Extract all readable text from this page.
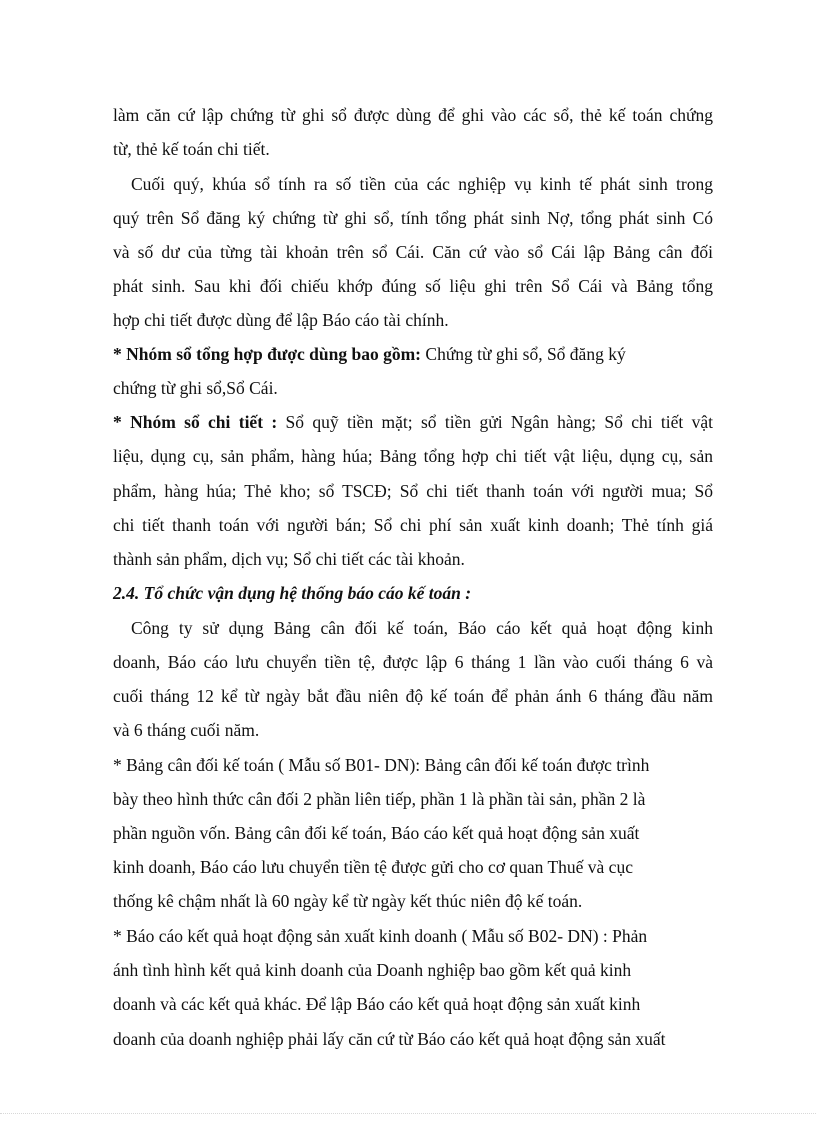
làm căn cứ lập chứng từ ghi sổ được dùng để ghi vào các sổ, thẻ kế toán chứng
từ, thẻ kế toán chi tiết.
Cuối quý, khúa sổ tính ra số tiền của các nghiệp vụ kinh tế phát sinh trong
quý trên Sổ đăng ký chứng từ ghi sổ, tính tổng phát sinh Nợ, tổng phát sinh Có
và số dư của từng tài khoản trên sổ Cái. Căn cứ vào sổ Cái lập Bảng cân đối
phát sinh. Sau khi đối chiếu khớp đúng số liệu ghi trên Sổ Cái và Bảng tổng
hợp chi tiết được dùng để lập Báo cáo tài chính.
* Nhóm sổ tổng hợp được dùng bao gồm: Chứng từ ghi sổ, Sổ đăng ký
chứng từ ghi sổ,Sổ Cái.
* Nhóm sổ chi tiết : Sổ quỹ tiền mặt; sổ tiền gửi Ngân hàng; Sổ chi tiết vật
liệu, dụng cụ, sản phẩm, hàng húa; Bảng tổng hợp chi tiết vật liệu, dụng cụ, sản
phẩm, hàng húa; Thẻ kho; sổ TSCĐ; Sổ chi tiết thanh toán với người mua; Sổ
chi tiết thanh toán với người bán; Sổ chi phí sản xuất kinh doanh; Thẻ tính giá
thành sản phẩm, dịch vụ; Sổ chi tiết các tài khoản.
2.4. Tổ chức vận dụng hệ thống báo cáo kế toán :
Công ty sử dụng Bảng cân đối kế toán, Báo cáo kết quả hoạt động kinh
doanh, Báo cáo lưu chuyển tiền tệ, được lập 6 tháng 1 lần vào cuối tháng 6 và
cuối tháng 12 kể từ ngày bắt đầu niên độ kế toán để phản ánh 6 tháng đầu năm
và 6 tháng cuối năm.
* Bảng cân đối kế toán ( Mẫu số B01- DN): Bảng cân đối kế toán được trình
bày theo hình thức cân đối 2 phần liên tiếp, phần 1 là phần tài sản, phần 2 là
phần nguồn vốn. Bảng cân đối kế toán, Báo cáo kết quả hoạt động sản xuất
kinh doanh, Báo cáo lưu chuyển tiền tệ được gửi cho cơ quan Thuế và cục
thống kê chậm nhất là 60 ngày kể từ ngày kết thúc niên độ kế toán.
* Báo cáo kết quả hoạt động sản xuất kinh doanh ( Mẫu số B02- DN) : Phản
ánh tình hình kết quả kinh doanh của Doanh nghiệp bao gồm kết quả kinh
doanh và các kết quả khác. Để lập Báo cáo kết quả hoạt động sản xuất kinh
doanh của doanh nghiệp phải lấy căn cứ từ Báo cáo kết quả hoạt động sản xuất
